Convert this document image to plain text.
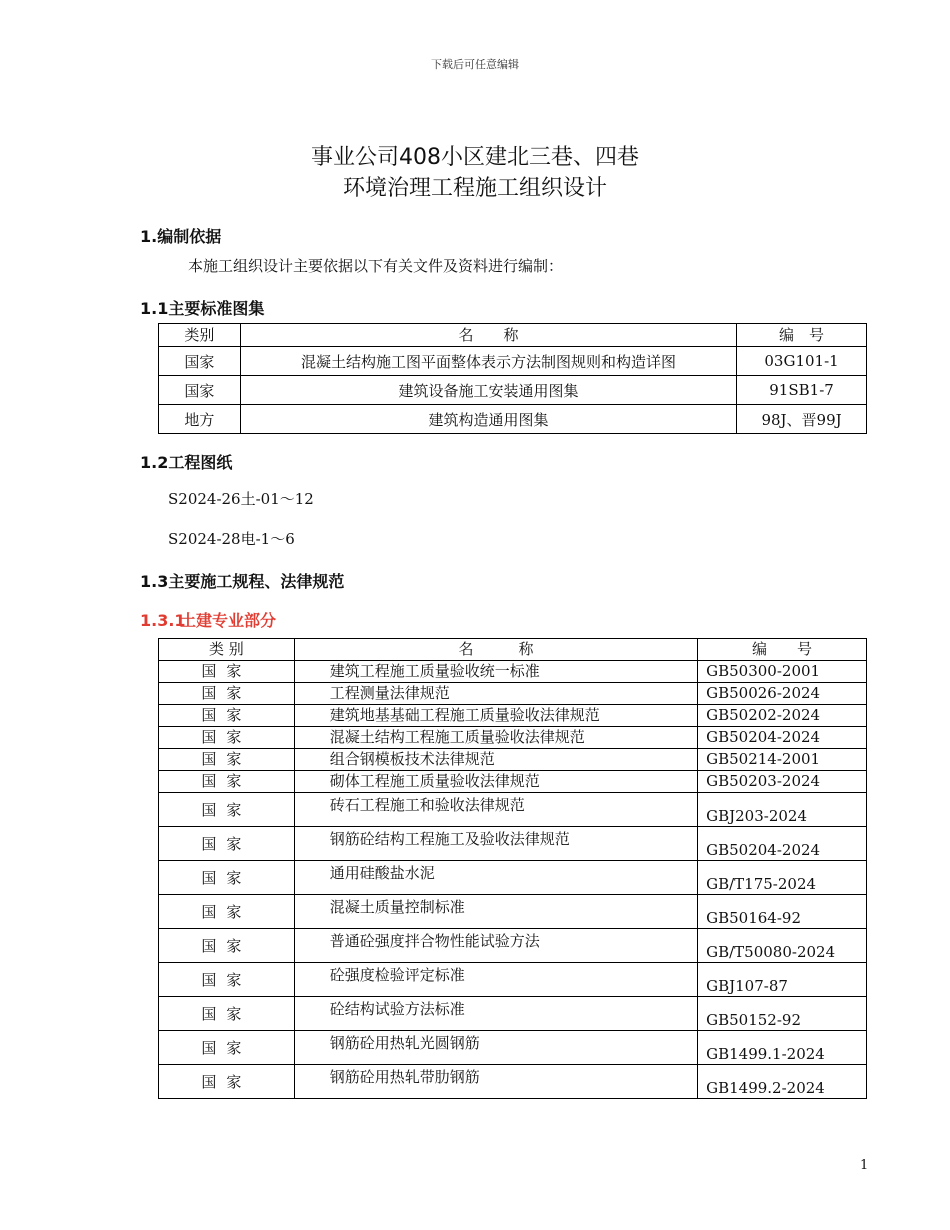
下载后可任意编辑
事业公司408小区建北三巷、四巷
环境治理工程施工组织设计
1.编制依据
本施工组织设计主要依据以下有关文件及资料进行编制：
1.1主要标准图集
类别	名　　称	编　号
国家	混凝土结构施工图平面整体表示方法制图规则和构造详图	03G101-1
国家	建筑设备施工安装通用图集	91SB1-7
地方	建筑构造通用图集	98J、晋99J
1.2工程图纸
S2024-26土-01～12
S2024-28电-1～6
1.3主要施工规程、法律规范
1.3.1土建专业部分
类 别	名　　　称	编　　号
国家	建筑工程施工质量验收统一标准	GB50300-2001
国家	工程测量法律规范	GB50026-2024
国家	建筑地基基础工程施工质量验收法律规范	GB50202-2024
国家	混凝土结构工程施工质量验收法律规范	GB50204-2024
国家	组合钢模板技术法律规范	GB50214-2001
国家	砌体工程施工质量验收法律规范	GB50203-2024
国家	砖石工程施工和验收法律规范	GBJ203-2024
国家	钢筋砼结构工程施工及验收法律规范	GB50204-2024
国家	通用硅酸盐水泥	GB/T175-2024
国家	混凝土质量控制标准	GB50164-92
国家	普通砼强度拌合物性能试验方法	GB/T50080-2024
国家	砼强度检验评定标准	GBJ107-87
国家	砼结构试验方法标准	GB50152-92
国家	钢筋砼用热轧光圆钢筋	GB1499.1-2024
国家	钢筋砼用热轧带肋钢筋	GB1499.2-2024
1
